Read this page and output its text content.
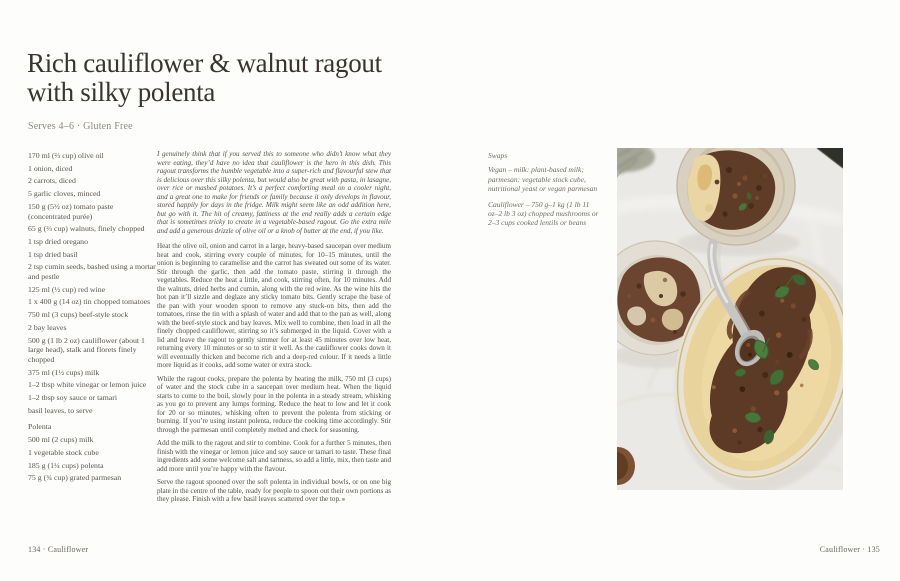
Rich cauliflower & walnut ragout
with silky polenta
Serves 4–6 · Gluten Free

170 ml (⅔ cup) olive oil

1 onion, diced

2 carrots, diced

5 garlic cloves, minced

150 g (5½ oz) tomato paste (concentrated purée)

65 g (⅔ cup) walnuts, finely chopped

1 tsp dried oregano

1 tsp dried basil

2 tsp cumin seeds, bashed using a mortar and pestle

125 ml (½ cup) red wine

1 x 400 g (14 oz) tin chopped tomatoes

750 ml (3 cups) beef-style stock

2 bay leaves

500 g (1 lb 2 oz) cauliflower (about 1 large head), stalk and florets finely chopped

375 ml (1½ cups) milk

1–2 tbsp white vinegar or lemon juice

1–2 tbsp soy sauce or tamari

basil leaves, to serve

Polenta

500 ml (2 cups) milk

1 vegetable stock cube

185 g (1¼ cups) polenta

75 g (¾ cup) grated parmesan

I genuinely think that if you served this to someone who didn’t know what they were eating, they’d have no idea that cauliflower is the hero in this dish. This ragout transforms the humble vegetable into a super-rich and flavourful stew that is delicious over this silky polenta, but would also be great with pasta, in lasagne, over rice or mashed potatoes. It’s a perfect comforting meal on a cooler night, and a great one to make for friends or family because it only develops in flavour, stored happily for days in the fridge. Milk might seem like an odd addition here, but go with it. The hit of creamy, fattiness at the end really adds a certain edge that is sometimes tricky to create in a vegetable-based ragout. Go the extra mile and add a generous drizzle of olive oil or a knob of butter at the end, if you like.

Heat the olive oil, onion and carrot in a large, heavy-based saucepan over medium heat and cook, stirring every couple of minutes, for 10–15 minutes, until the onion is beginning to caramelise and the carrot has sweated out some of its water. Stir through the garlic, then add the tomato paste, stirring it through the vegetables. Reduce the heat a little, and cook, stirring often, for 10 minutes. Add the walnuts, dried herbs and cumin, along with the red wine. As the wine hits the hot pan it’ll sizzle and deglaze any sticky tomato bits. Gently scrape the base of the pan with your wooden spoon to remove any stuck-on bits, then add the tomatoes, rinse the tin with a splash of water and add that to the pan as well, along with the beef-style stock and bay leaves. Mix well to combine, then load in all the finely chopped cauliflower, stirring so it’s submerged in the liquid. Cover with a lid and leave the ragout to gently simmer for at least 45 minutes over low heat, returning every 10 minutes or so to stir it well. As the cauliflower cooks down it will eventually thicken and become rich and a deep-red colour. If it needs a little more liquid as it cooks, add some water or extra stock.

While the ragout cooks, prepare the polenta by heating the milk, 750 ml (3 cups) of water and the stock cube in a saucepan over medium heat. When the liquid starts to come to the boil, slowly pour in the polenta in a steady stream, whisking as you go to prevent any lumps forming. Reduce the heat to low and let it cook for 20 or so minutes, whisking often to prevent the polenta from sticking or burning. If you’re using instant polenta, reduce the cooking time accordingly. Stir through the parmesan until completely melted and check for seasoning.

Add the milk to the ragout and stir to combine. Cook for a further 5 minutes, then finish with the vinegar or lemon juice and soy sauce or tamari to taste. These final ingredients add some welcome salt and tartness, so add a little, mix, then taste and add more until you’re happy with the flavour.

Serve the ragout spooned over the soft polenta in individual bowls, or on one big plate in the centre of the table, ready for people to spoon out their own portions as they please. Finish with a few basil leaves scattered over the top.■

134 · Cauliflower

Swaps

Vegan – milk: plant-based milk; parmesan: vegetable stock cube, nutritional yeast or vegan parmesan

Cauliflower – 750 g–1 kg (1 lb 11 oz–2 lb 3 oz) chopped mushrooms or 2–3 cups cooked lentils or beans

Cauliflower · 135
